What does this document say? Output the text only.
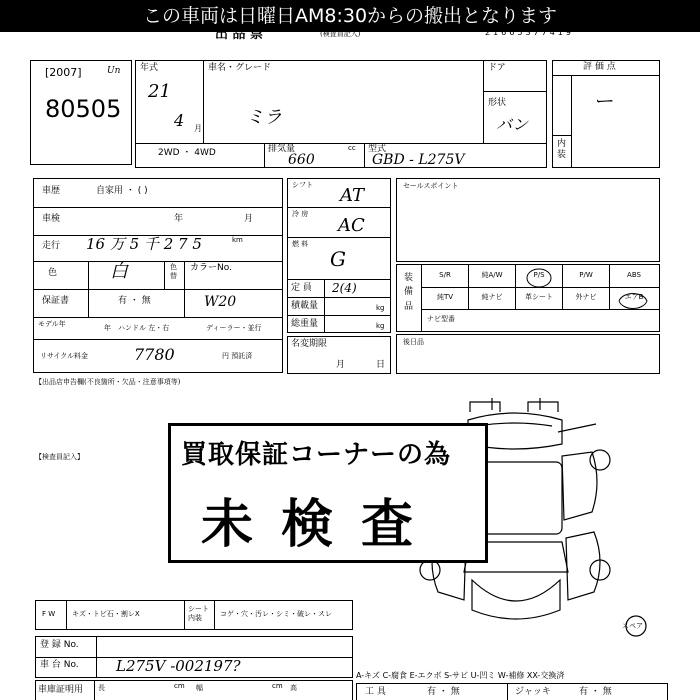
この車両は日曜日AM8:30からの搬出となります
出 品 票	(検査員記入)	21665377419
[2007]	Un
80505
年式
21
4 月
車名・グレード
ミラ
ドア
形状
バン
2WD ・ 4WD	排気量	cc
660
型式
GBD - L275V
評 価 点
ー
内装
車歴	自家用 ・ ( )
車検	年	月
走行 16 万 5 千 2 7 5	km
色	白	色替
カラーNo.
W20
保証書	有 ・ 無
モデル年	年 ハンドル 左・右	ディーラー・並行
リサイクル料金	7780	円 預託済
シフト AT
冷 房
AC
燃 料
G
定 員 2(4)
積載量	kg
総重量	kg
名変期限
月	日
セールスポイント
装 備 品
S/R	純A/W	P/S	P/W	ABS
純TV	純ナビ	革シート	外ナビ	エアB
ナビ型番
後日品
【出品店申告欄(不良箇所・欠品・注意事項等)
【検査員記入】
スペア
買取保証コーナーの為
未検査
F W キズ・トビ石・割レX
シート内装
コゲ・穴・汚レ・シミ・破レ・スレ
登 録 No.
車 台 No. L275V -002197?
車庫証明用 長	cm 幅	cm 高
A-キズ C-腐食 E-エクボ S-サビ U-凹ミ W-補修 XX-交換済
工 具	有 ・ 無	ジャッキ	有 ・ 無
